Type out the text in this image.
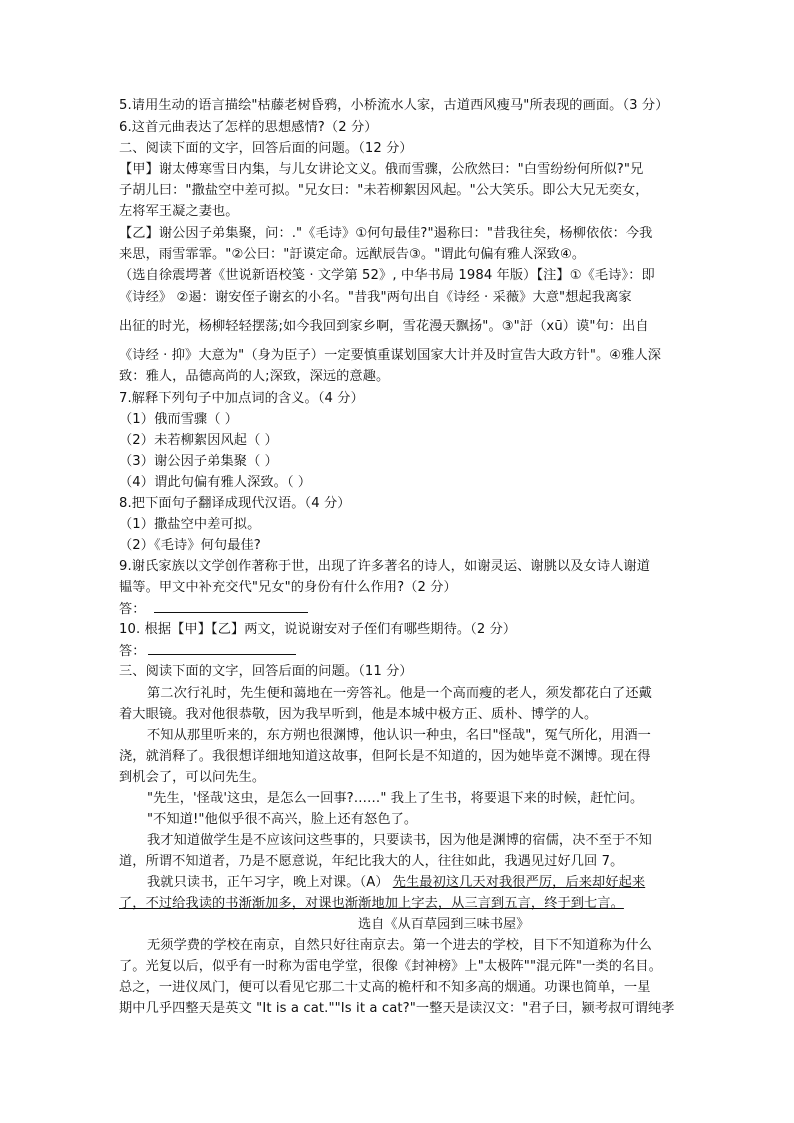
5.请用生动的语言描绘"枯藤老树昏鸦，小桥流水人家，古道西风瘦马"所表现的画面。（3 分）
6.这首元曲表达了怎样的思想感情?（2 分）
二、阅读下面的文字，回答后面的问题。（12 分）
【甲】谢太傅寒雪日内集，与儿女讲论文义。俄而雪骤，公欣然曰："白雪纷纷何所似?"兄
子胡儿曰："撒盐空中差可拟。"兄女曰："未若柳絮因风起。"公大笑乐。即公大兄无奕女，
左将军王凝之妻也。
【乙】谢公因子弟集聚，问：."《毛诗》①何句最佳?"遏称曰："昔我往矣，杨柳依依：今我
来思，雨雪霏霏。"②公曰："訏谟定命。远猷辰告③。"谓此句偏有雅人深致④。
（选自徐震堮著《世说新语校笺 · 文学第 52》, 中华书局 1984 年版）【注】①《毛诗》：即
《诗经》 ②遏：谢安侄子谢玄的小名。"昔我"两句出自《诗经 · 采薇》大意"想起我离家
出征的时光，杨柳轻轻摆荡;如今我回到家乡啊，雪花漫天飘扬"。③"訏（xū）谟"句：出自
《诗经 · 抑》大意为"（身为臣子）一定要慎重谋划国家大计并及时宣告大政方针"。④雅人深
致：雅人，品德高尚的人;深致，深远的意趣。
7.解释下列句子中加点词的含义。（4 分）
（1）俄而雪骤（ ）
（2）未若柳絮因风起（ ）
（3）谢公因子弟集聚（ ）
（4）谓此句偏有雅人深致。（ ）
8.把下面句子翻译成现代汉语。（4 分）
（1）撒盐空中差可拟。
（2）《毛诗》何句最佳?
9.谢氏家族以文学创作著称于世，出现了许多著名的诗人，如谢灵运、谢朓以及女诗人谢道
韫等。甲文中补充交代"兄女"的身份有什么作用?（2 分）
答：
10. 根据【甲】【乙】两文，说说谢安对子侄们有哪些期待。（2 分）
答：
三、阅读下面的文字，回答后面的问题。（11 分）
第二次行礼时，先生便和蔼地在一旁答礼。他是一个高而瘦的老人，须发都花白了还戴
着大眼镜。我对他很恭敬，因为我早听到，他是本城中极方正、质朴、博学的人。
不知从那里听来的，东方朔也很渊博，他认识一种虫，名曰"怪哉"，冤气所化，用酒一
浇，就消释了。我很想详细地知道这故事，但阿长是不知道的，因为她毕竟不渊博。现在得
到机会了，可以问先生。
"先生，'怪哉'这虫，是怎么一回事?……" 我上了生书，将要退下来的时候，赶忙问。
"不知道!"他似乎很不高兴，脸上还有怒色了。
我才知道做学生是不应该问这些事的，只要读书，因为他是渊博的宿儒，决不至于不知
道，所谓不知道者，乃是不愿意说，年纪比我大的人，往往如此，我遇见过好几回 7。
我就只读书，正午习字，晚上对课。（A） 先生最初这几天对我很严厉，后来却好起来
了，不过给我读的书渐渐加多，对课也渐渐地加上字去，从三言到五言，终于到七言。
选自《从百草园到三味书屋》
无须学费的学校在南京，自然只好往南京去。第一个进去的学校，目下不知道称为什么
了。光复以后，似乎有一时称为雷电学堂，很像《封神榜》上"太极阵""混元阵"一类的名目。
总之，一进仪凤门，便可以看见它那二十丈高的桅杆和不知多高的烟通。功课也简单，一星
期中几乎四整天是英文 "It is a cat.""Is it a cat?"一整天是读汉文："君子曰，颍考叔可谓纯孝
